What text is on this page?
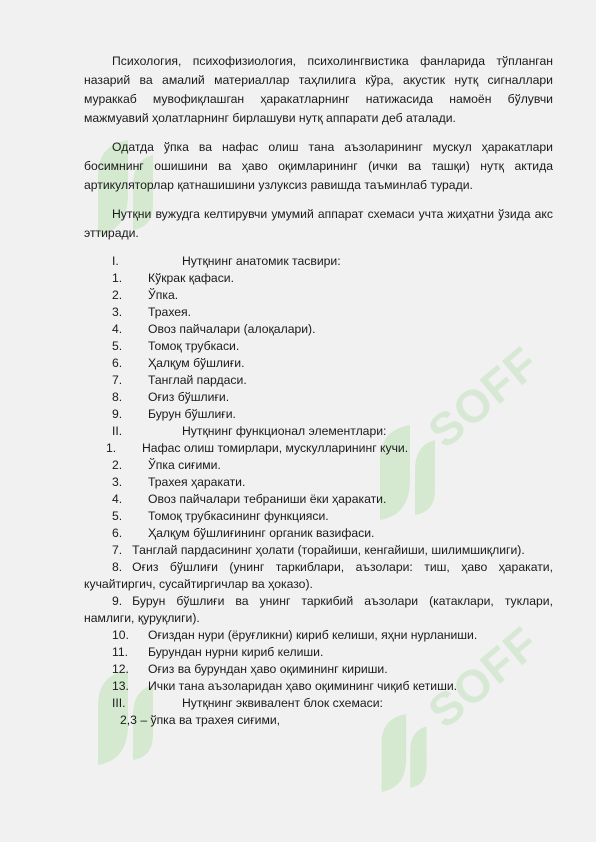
SOFF
SOFF

Психология, психофизиология, психолингвистика фанларида тўпланган назарий ва амалий материаллар таҳлилига кўра, акустик нутқ сигналлари мураккаб мувофиқлашган ҳаракатларнинг натижасида намоён бўлувчи мажмуавий ҳолатларнинг бирлашуви нутқ аппарати деб аталади.

Одатда ўпка ва нафас олиш тана аъзоларининг мускул ҳаракатлари босимнинг ошишини ва ҳаво оқимларининг (ички ва ташқи) нутқ актида артикуляторлар қатнашишини узлуксиз равишда таъминлаб туради.

Нутқни вужудга келтирувчи умумий аппарат схемаси учта жиҳатни ўзида акс эттиради.

I.	Нутқнинг анатомик тасвири:
1.	Кўкрак қафаси.
2.	Ўпка.
3.	Трахея.
4.	Овоз пайчалари (алоқалари).
5.	Томоқ трубкаси.
6.	Ҳалқум бўшлиғи.
7.	Танглай пардаси.
8.	Оғиз бўшлиғи.
9.	Бурун бўшлиғи.
II.	Нутқнинг функционал элементлари:
1.	Нафас олиш томирлари, мускулларининг кучи.
2.	Ўпка сиғими.
3.	Трахея ҳаракати.
4.	Овоз пайчалари тебраниши ёки ҳаракати.
5.	Томоқ трубкасининг функцияси.
6.	Ҳалқум бўшлиғининг органик вазифаси.
7. Танглай пардасининг ҳолати (торайиши, кенгайиши, шилимшиқлиги).
8. Оғиз бўшлиғи (унинг таркиблари, аъзолари: тиш, ҳаво ҳаракати, кучайтиргич, сусайтиргичлар ва ҳоказо).
9. Бурун бўшлиғи ва унинг таркибий аъзолари (катаклари, туклари, намлиги, қуруқлиги).
10.	Оғиздан нури (ёруғликни) кириб келиши, яҳни нурланиши.
11.	Бурундан нурни кириб келиши.
12.	Оғиз ва бурундан ҳаво оқимининг кириши.
13.	Ички тана аъзоларидан ҳаво оқимининг чиқиб кетиши.
III.	Нутқнинг эквивалент блок схемаси:
2,3 – ўпка ва трахея сиғими,
